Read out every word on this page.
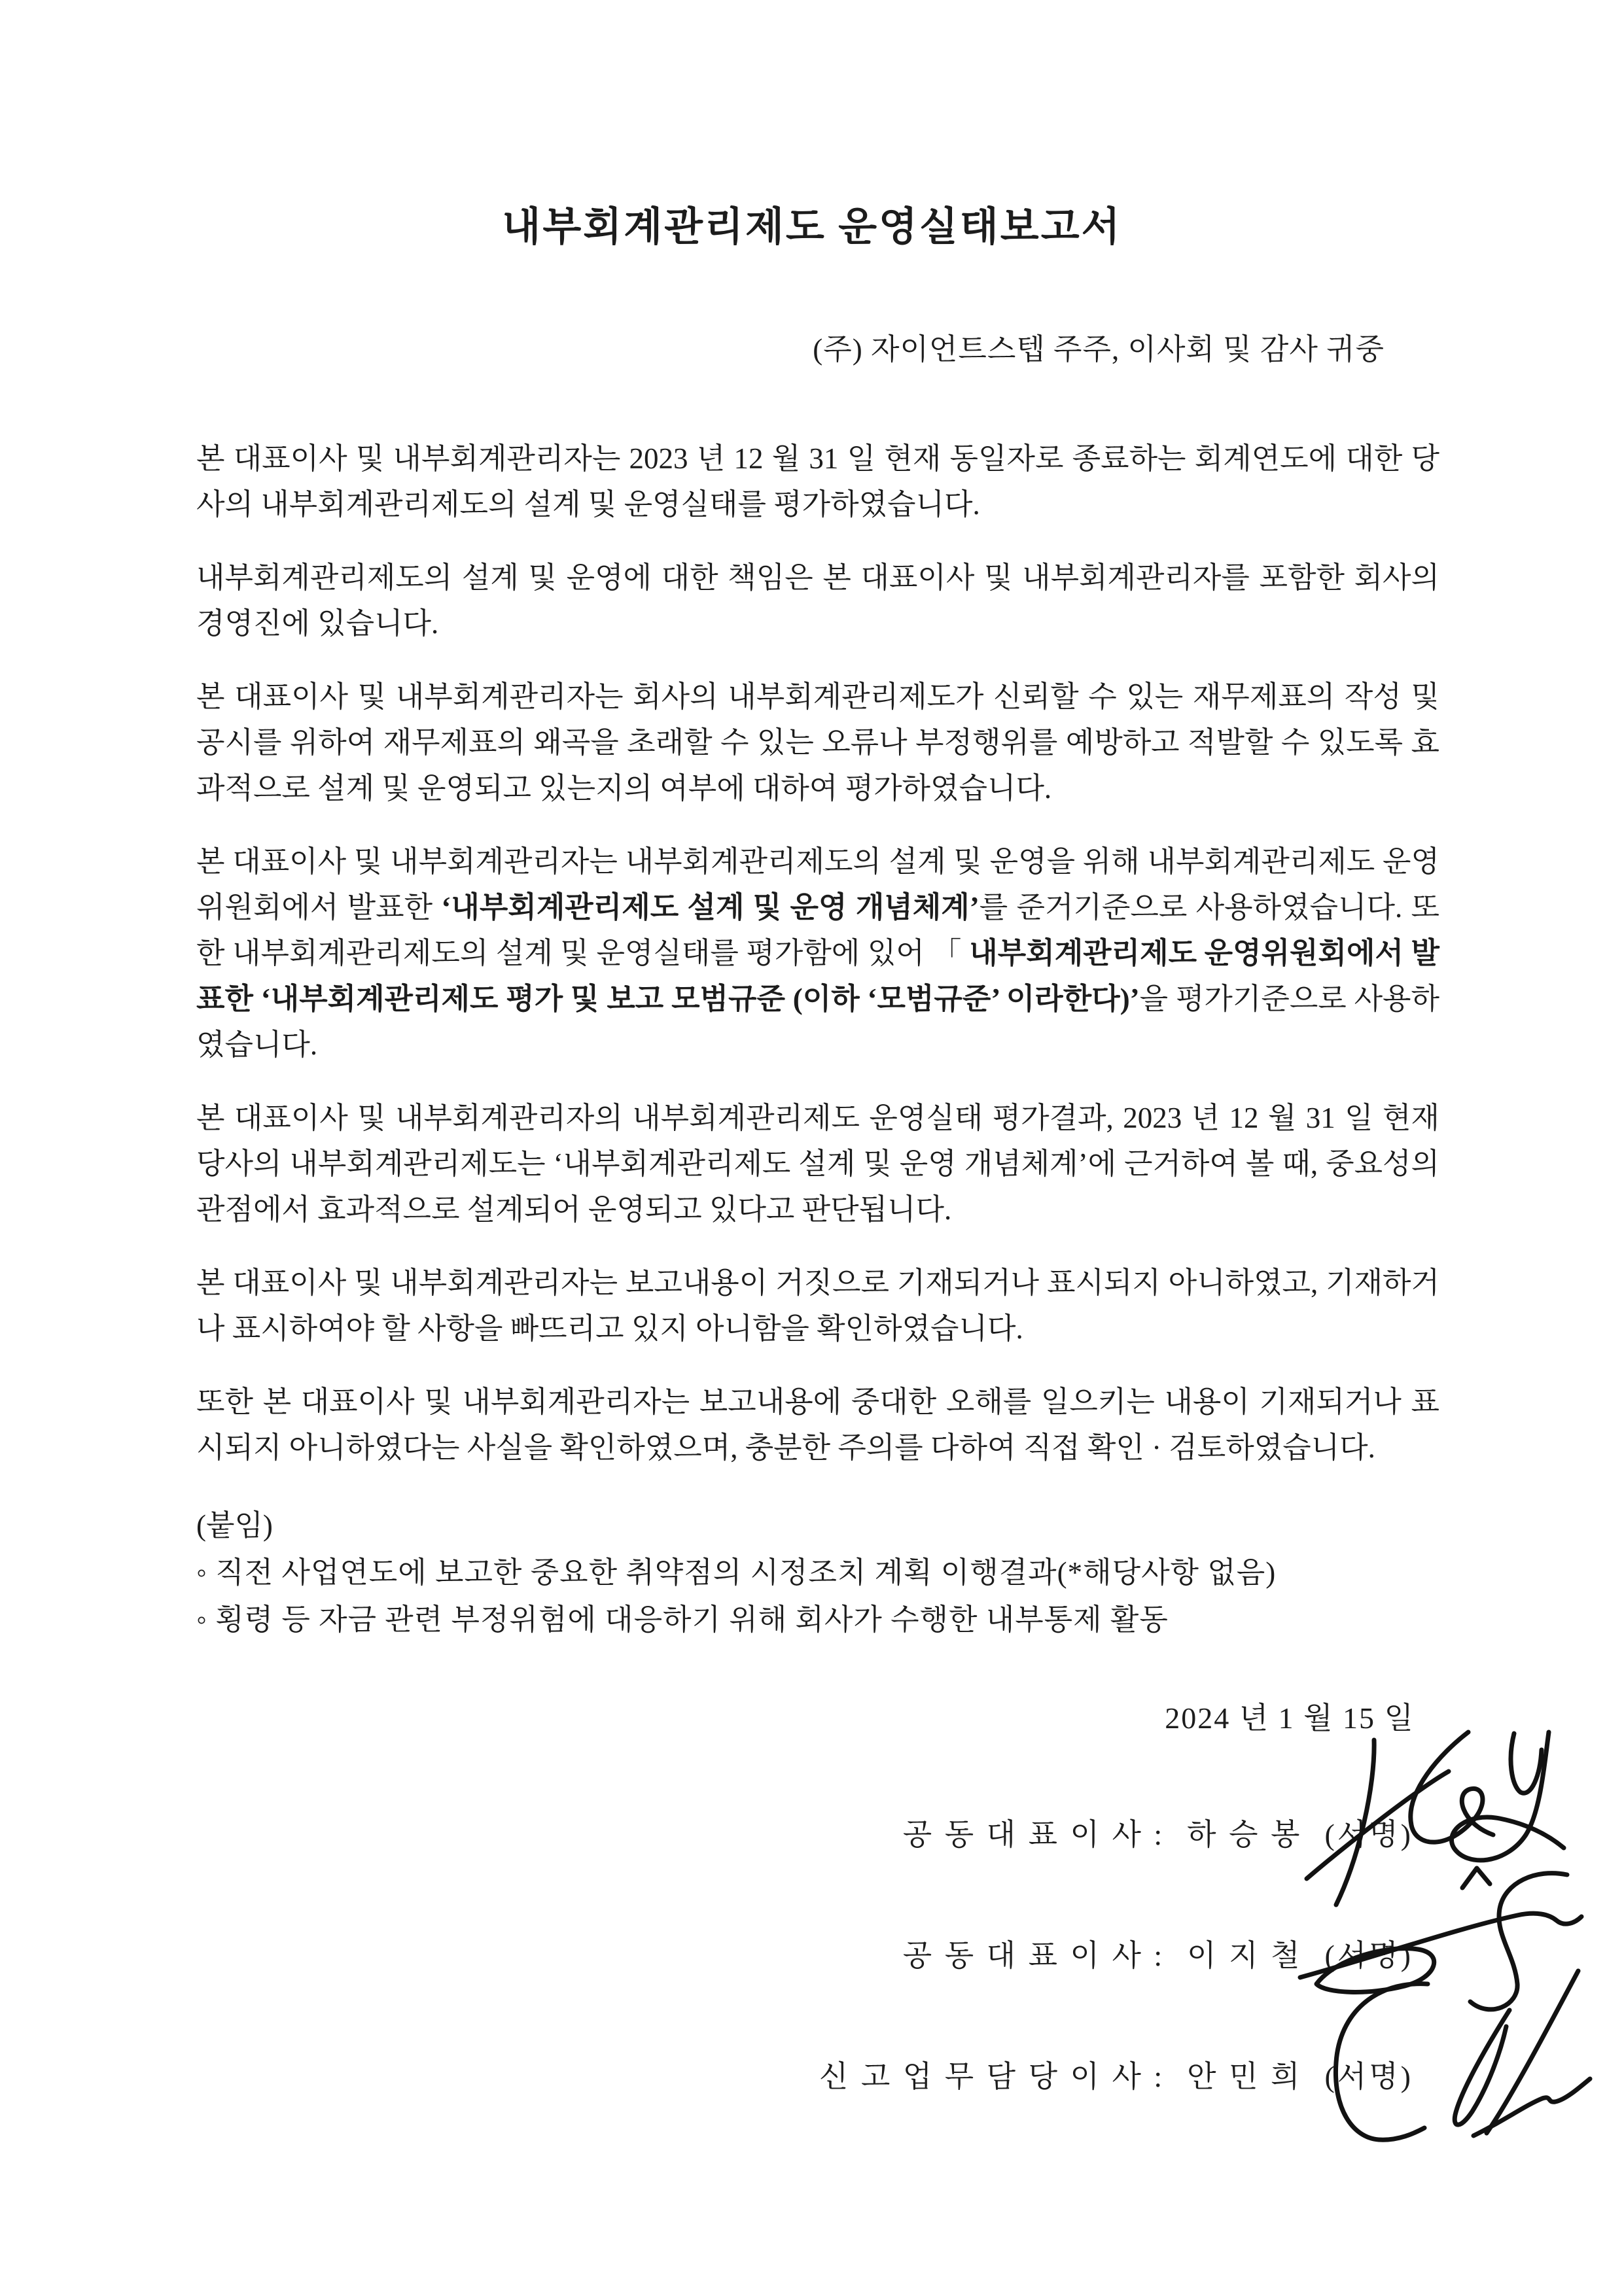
내부회계관리제도 운영실태보고서
(주) 자이언트스텝 주주, 이사회 및 감사 귀중

본 대표이사 및 내부회계관리자는 2023 년 12 월 31 일 현재 동일자로 종료하는 회계연도에 대한 당사의 내부회계관리제도의 설계 및 운영실태를 평가하였습니다.

내부회계관리제도의 설계 및 운영에 대한 책임은 본 대표이사 및 내부회계관리자를 포함한 회사의 경영진에 있습니다.

본 대표이사 및 내부회계관리자는 회사의 내부회계관리제도가 신뢰할 수 있는 재무제표의 작성 및 공시를 위하여 재무제표의 왜곡을 초래할 수 있는 오류나 부정행위를 예방하고 적발할 수 있도록 효과적으로 설계 및 운영되고 있는지의 여부에 대하여 평가하였습니다.

본 대표이사 및 내부회계관리자는 내부회계관리제도의 설계 및 운영을 위해 내부회계관리제도 운영위원회에서 발표한 ‘내부회계관리제도 설계 및 운영 개념체계’를 준거기준으로 사용하였습니다. 또한 내부회계관리제도의 설계 및 운영실태를 평가함에 있어 「 내부회계관리제도 운영위원회에서 발표한 ‘내부회계관리제도 평가 및 보고 모범규준 (이하 ‘모범규준’ 이라한다)’을 평가기준으로 사용하였습니다.

본 대표이사 및 내부회계관리자의 내부회계관리제도 운영실태 평가결과, 2023 년 12 월 31 일 현재 당사의 내부회계관리제도는 ‘내부회계관리제도 설계 및 운영 개념체계’에 근거하여 볼 때, 중요성의 관점에서 효과적으로 설계되어 운영되고 있다고 판단됩니다.

본 대표이사 및 내부회계관리자는 보고내용이 거짓으로 기재되거나 표시되지 아니하였고, 기재하거나 표시하여야 할 사항을 빠뜨리고 있지 아니함을 확인하였습니다.

또한 본 대표이사 및 내부회계관리자는 보고내용에 중대한 오해를 일으키는 내용이 기재되거나 표시되지 아니하였다는 사실을 확인하였으며, 충분한 주의를 다하여 직접 확인 · 검토하였습니다.

(붙임)
◦ 직전 사업연도에 보고한 중요한 취약점의 시정조치 계획 이행결과(*해당사항 없음)
◦ 횡령 등 자금 관련 부정위험에 대응하기 위해 회사가 수행한 내부통제 활동
2024 년 1 월 15 일
공 동 대 표 이 사 : 하 승 봉 (서명)
공 동 대 표 이 사 : 이 지 철 (서명)
신 고 업 무 담 당 이 사 : 안 민 희 (서명)
